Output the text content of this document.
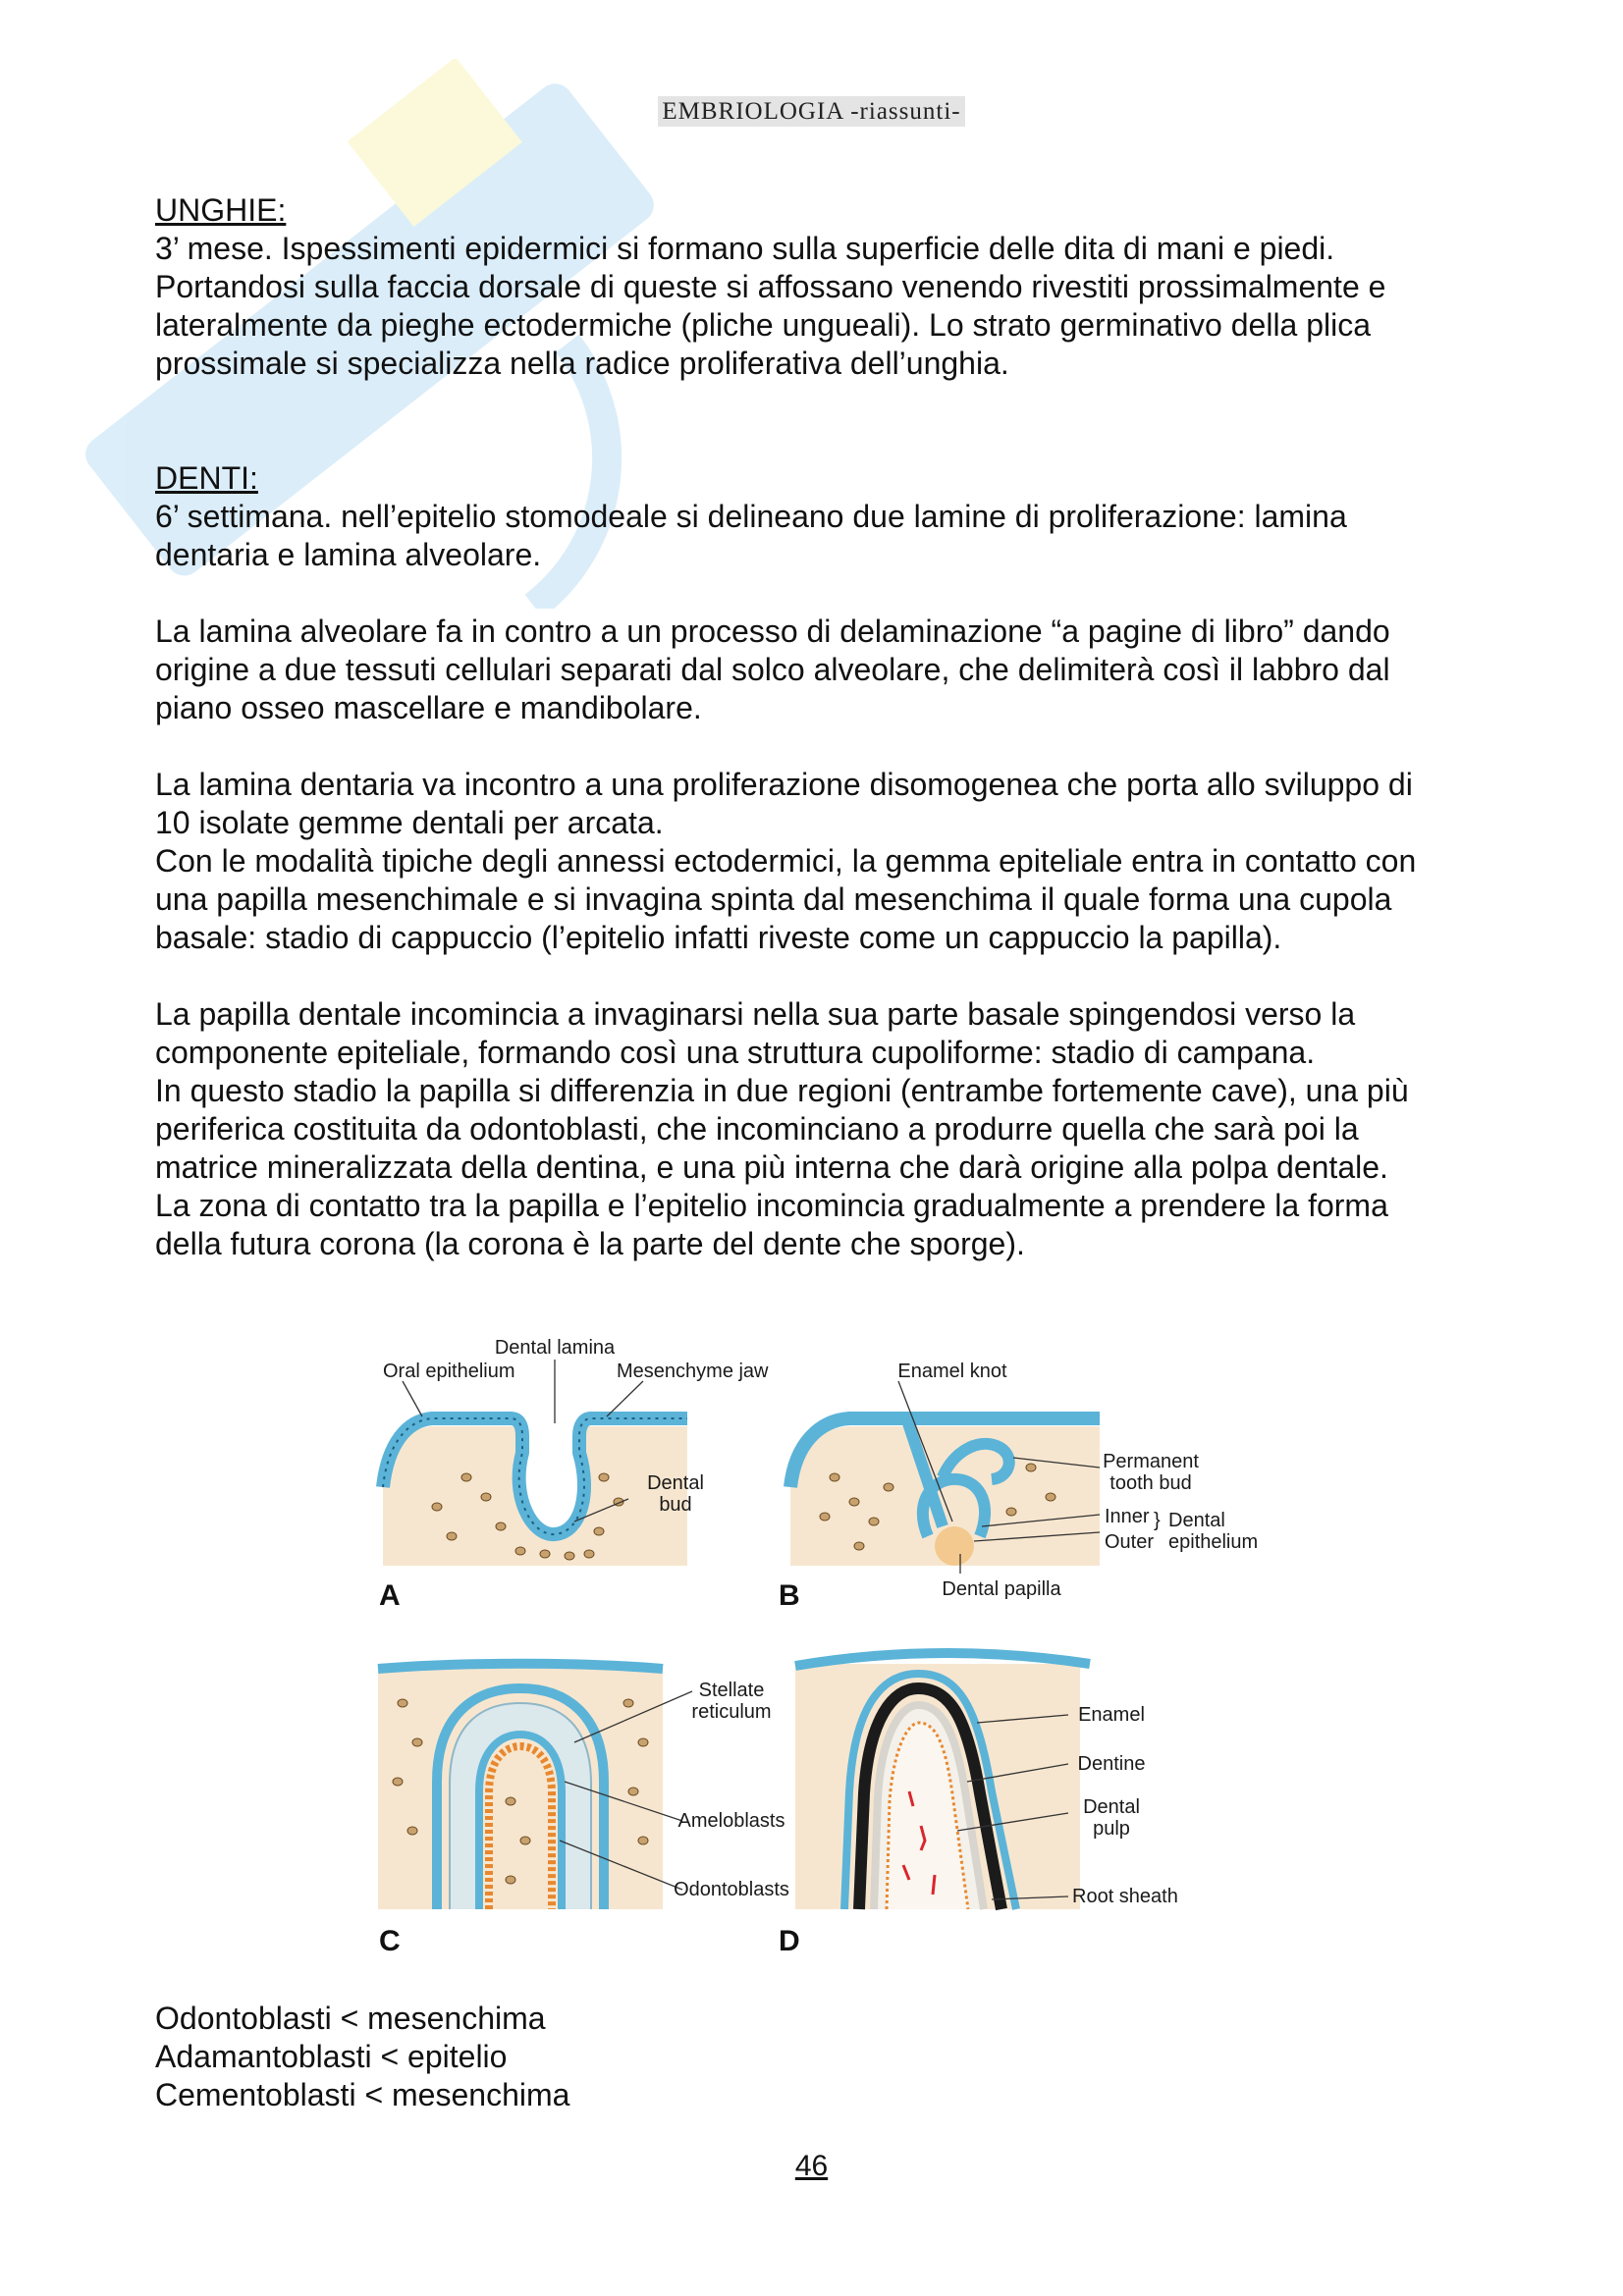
EMBRIOLOGIA -riassunti-

UNGHIE:

3’ mese. Ispessimenti epidermici si formano sulla superficie delle dita di mani e piedi.

Portandosi sulla faccia dorsale di queste si affossano venendo rivestiti prossimalmente e

lateralmente da pieghe ectodermiche (pliche ungueali). Lo strato germinativo della plica

prossimale si specializza nella radice proliferativa dell’unghia.

DENTI:

6’ settimana. nell’epitelio stomodeale si delineano due lamine di proliferazione: lamina

dentaria e lamina alveolare.

La lamina alveolare fa in contro a un processo di delaminazione “a pagine di libro” dando

origine a due tessuti cellulari separati dal solco alveolare, che delimiterà così il labbro dal

piano osseo mascellare e mandibolare.

La lamina dentaria va incontro a una proliferazione disomogenea che porta allo sviluppo di

10 isolate gemme dentali per arcata.

Con le modalità tipiche degli annessi ectodermici, la gemma epiteliale entra in contatto con

una papilla mesenchimale e si invagina spinta dal mesenchima il quale forma una cupola

basale: stadio di cappuccio (l’epitelio infatti riveste come un cappuccio la papilla).

La papilla dentale incomincia a invaginarsi nella sua parte basale spingendosi verso la

componente epiteliale, formando così una struttura cupoliforme: stadio di campana.

In questo stadio la papilla si differenzia in due regioni (entrambe fortemente cave), una più

periferica costituita da odontoblasti, che incominciano a produrre quella che sarà poi la

matrice mineralizzata della dentina, e una più interna che darà origine alla polpa dentale.

La zona di contatto tra la papilla e l’epitelio incomincia gradualmente a prendere la forma

della futura corona (la corona è la parte del dente che sporge).

Dental lamina
Oral epithelium	Mesenchyme jaw
Dental
bud
A
Enamel knot
Permanent
tooth bud
Inner
Outer
} Dental
epithelium
Dental papilla
B
Stellate
reticulum
Ameloblasts
Odontoblasts
C
Enamel
Dentine
Dental
pulp
Root sheath
D

Odontoblasti < mesenchima

Adamantoblasti < epitelio

Cementoblasti < mesenchima

46
